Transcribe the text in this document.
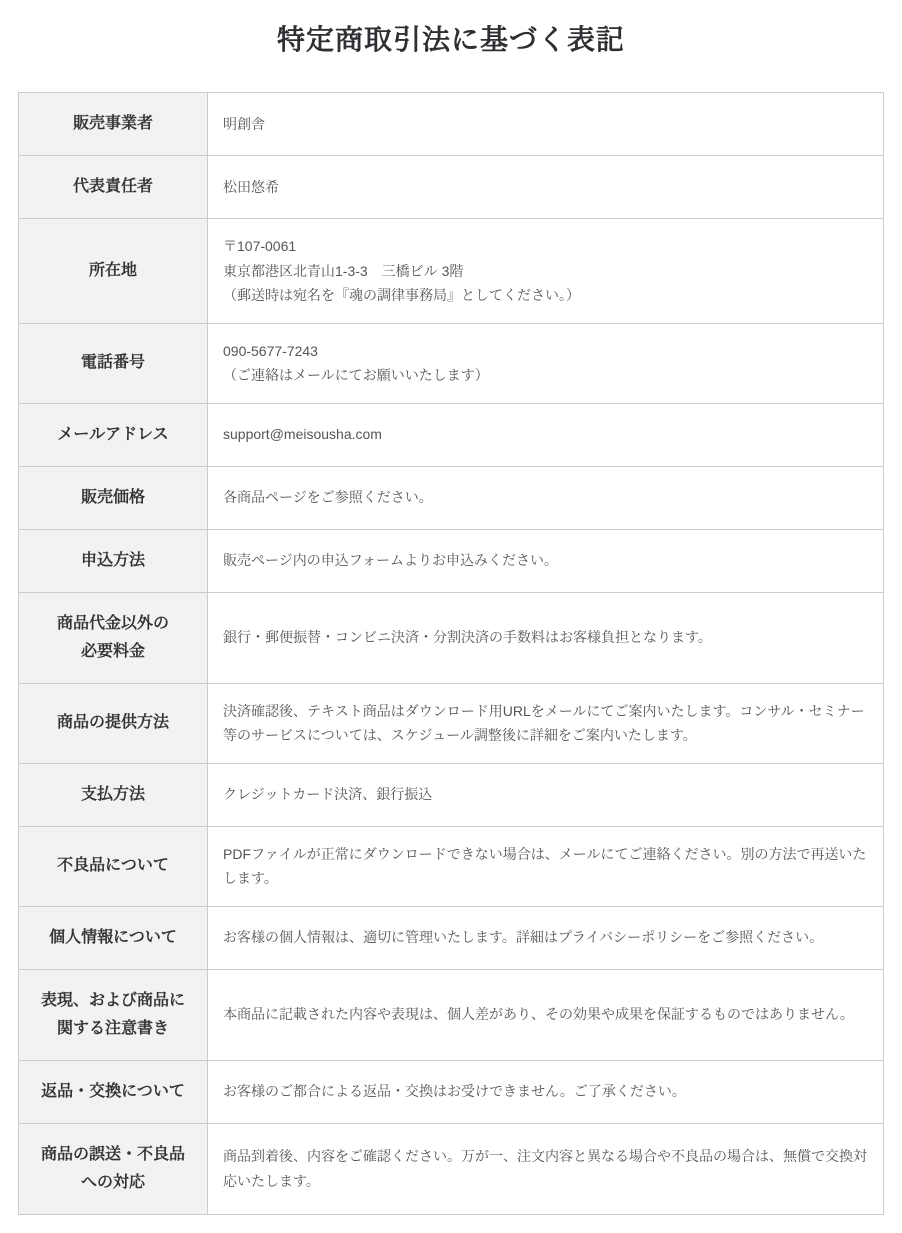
特定商取引法に基づく表記
販売事業者	明創舎
代表責任者	松田悠希
所在地	〒107-0061
東京都港区北青山1-3-3　三橋ビル 3階
（郵送時は宛名を『魂の調律事務局』としてください。）
電話番号	090-5677-7243
（ご連絡はメールにてお願いいたします）
メールアドレス	support@meisousha.com
販売価格	各商品ページをご参照ください。
申込方法	販売ページ内の申込フォームよりお申込みください。
商品代金以外の
必要料金	銀行・郵便振替・コンビニ決済・分割決済の手数料はお客様負担となります。
商品の提供方法	決済確認後、テキスト商品はダウンロード用URLをメールにてご案内いたします。コンサル・セミナー等のサービスについては、スケジュール調整後に詳細をご案内いたします。
支払方法	クレジットカード決済、銀行振込
不良品について	PDFファイルが正常にダウンロードできない場合は、メールにてご連絡ください。別の方法で再送いたします。
個人情報について	お客様の個人情報は、適切に管理いたします。詳細はプライバシーポリシーをご参照ください。
表現、および商品に
関する注意書き	本商品に記載された内容や表現は、個人差があり、その効果や成果を保証するものではありません。
返品・交換について	お客様のご都合による返品・交換はお受けできません。ご了承ください。
商品の誤送・不良品
への対応	商品到着後、内容をご確認ください。万が一、注文内容と異なる場合や不良品の場合は、無償で交換対応いたします。
